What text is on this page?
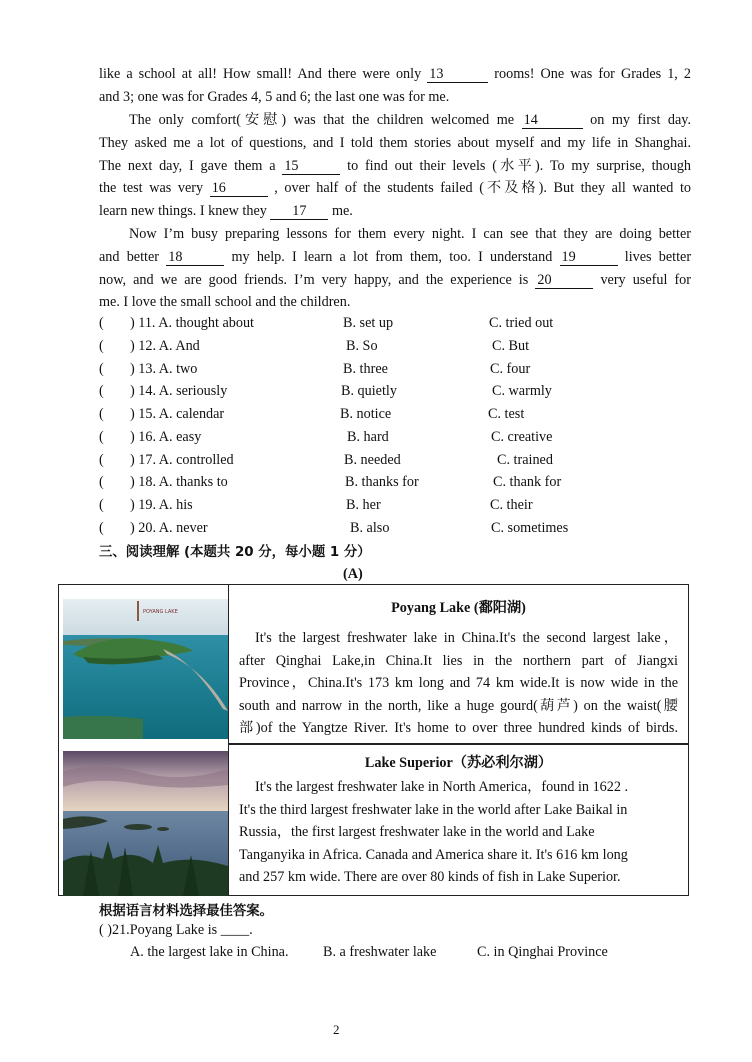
like a school at all! How small! And there were only 13	rooms! One was for Grades 1, 2
and 3; one was for Grades 4, 5 and 6; the last one was for me.
The only comfort(安慰) was that the children welcomed me 14	on my first day.
They asked me a lot of questions, and I told them stories about myself and my life in Shanghai.
The next day, I gave them a 15	to find out their levels (水平). To my surprise, though
the test was very 16	, over half of the students failed (不及格). But they all wanted to
learn new things. I knew they 17 me.
Now I’m busy preparing lessons for them every night. I can see that they are doing better
and better 18	my help. I learn a lot from them, too. I understand 19	lives better
now, and we are good friends. I’m very happy, and the experience is 20	very useful for
me. I love the small school and the children.
( ) 11. A. thought about	B. set up	C. tried out
( ) 12. A. And	B. So	C. But
( ) 13. A. two	B. three	C. four
( ) 14. A. seriously	B. quietly	C. warmly
( ) 15. A. calendar	B. notice	C. test
( ) 16. A. easy	B. hard	C. creative
( ) 17. A. controlled	B. needed	C. trained
( ) 18. A. thanks to	B. thanks for	C. thank for
( ) 19. A. his	B. her	C. their
( ) 20. A. never	B. also	C. sometimes
三、阅读理解 (本题共 20 分，每小题 1 分）
(A)
POYANG LAKE	Poyang Lake (鄱阳湖)
It's the largest freshwater lake in China.It's the second largest lake，
after Qinghai Lake,in China.It lies in the northern part of Jiangxi
Province，China.It's 173 km long and 74 km wide.It is now wide in the
south and narrow in the north, like a huge gourd(葫芦) on the waist(腰
部)of the Yangtze River. It's home to over three hundred kinds of birds.
Lake Superior（苏必利尔湖）
It's the largest freshwater lake in North America，found in 1622 .
It's the third largest freshwater lake in the world after Lake Baikal in
Russia，the first largest freshwater lake in the world and Lake
Tanganyika in Africa. Canada and America share it. It's 616 km long
and 257 km wide. There are over 80 kinds of fish in Lake Superior.
根据语言材料选择最佳答案。
( )21.Poyang Lake is ____.
A. the largest lake in China. B. a freshwater lake	C. in Qinghai Province
2
